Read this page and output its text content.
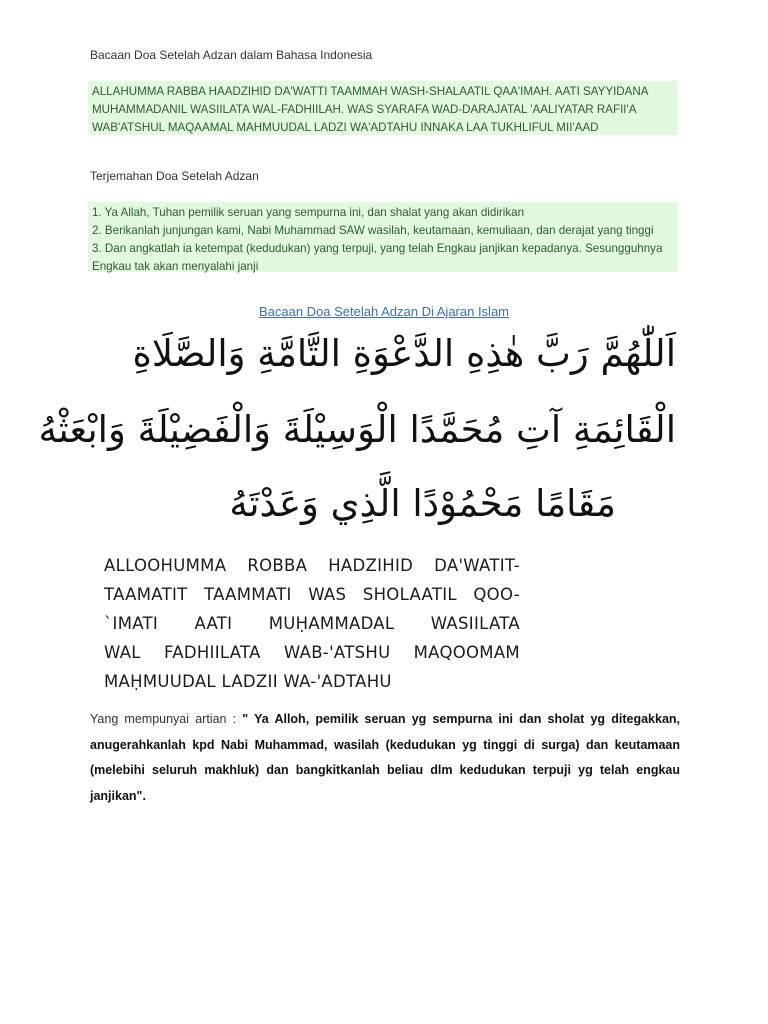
Bacaan Doa Setelah Adzan dalam Bahasa Indonesia
ALLAHUMMA RABBA HAADZIHID DA'WATTI TAAMMAH WASH-SHALAATIL QAA'IMAH. AATI SAYYIDANA
MUHAMMADANIL WASIILATA WAL-FADHIILAH. WAS SYARAFA WAD-DARAJATAL 'AALIYATAR RAFII'A
WAB'ATSHUL MAQAAMAL MAHMUUDAL LADZI WA'ADTAHU INNAKA LAA TUKHLIFUL MII'AAD
Terjemahan Doa Setelah Adzan
1. Ya Allah, Tuhan pemilik seruan yang sempurna ini, dan shalat yang akan didirikan
2. Berikanlah junjungan kami, Nabi Muhammad SAW wasilah, keutamaan, kemuliaan, dan derajat yang tinggi
3. Dan angkatlah ia ketempat (kedudukan) yang terpuji, yang telah Engkau janjikan kepadanya. Sesungguhnya
Engkau tak akan menyalahi janji
Bacaan Doa Setelah Adzan Di Ajaran Islam
اَللّٰهُمَّ رَبَّ هٰذِهِ الدَّعْوَةِ التَّامَّةِ وَالصَّلَاةِ
الْقَائِمَةِ آتِ مُحَمَّدًا الْوَسِيْلَةَ وَالْفَضِيْلَةَ وَابْعَثْهُ
مَقَامًا مَحْمُوْدًا الَّذِي وَعَدْتَهُ
ALLOOHUMMA ROBBA HADZIHID DA'WATIT-
TAAMATIT TAAMMATI WAS SHOLAATIL QOO-
`IMATI AATI MUḤAMMADAL WASIILATA
WAL FADHIILATA WAB-'ATSHU MAQOOMAM
MAḤMUUDAL LADZII WA-'ADTAHU
Yang mempunyai artian : " Ya Alloh, pemilik seruan yg sempurna ini dan sholat yg ditegakkan, anugerahkanlah kpd Nabi Muhammad, wasilah (kedudukan yg tinggi di surga) dan keutamaan (melebihi seluruh makhluk) dan bangkitkanlah beliau dlm kedudukan terpuji yg telah engkau janjikan".
